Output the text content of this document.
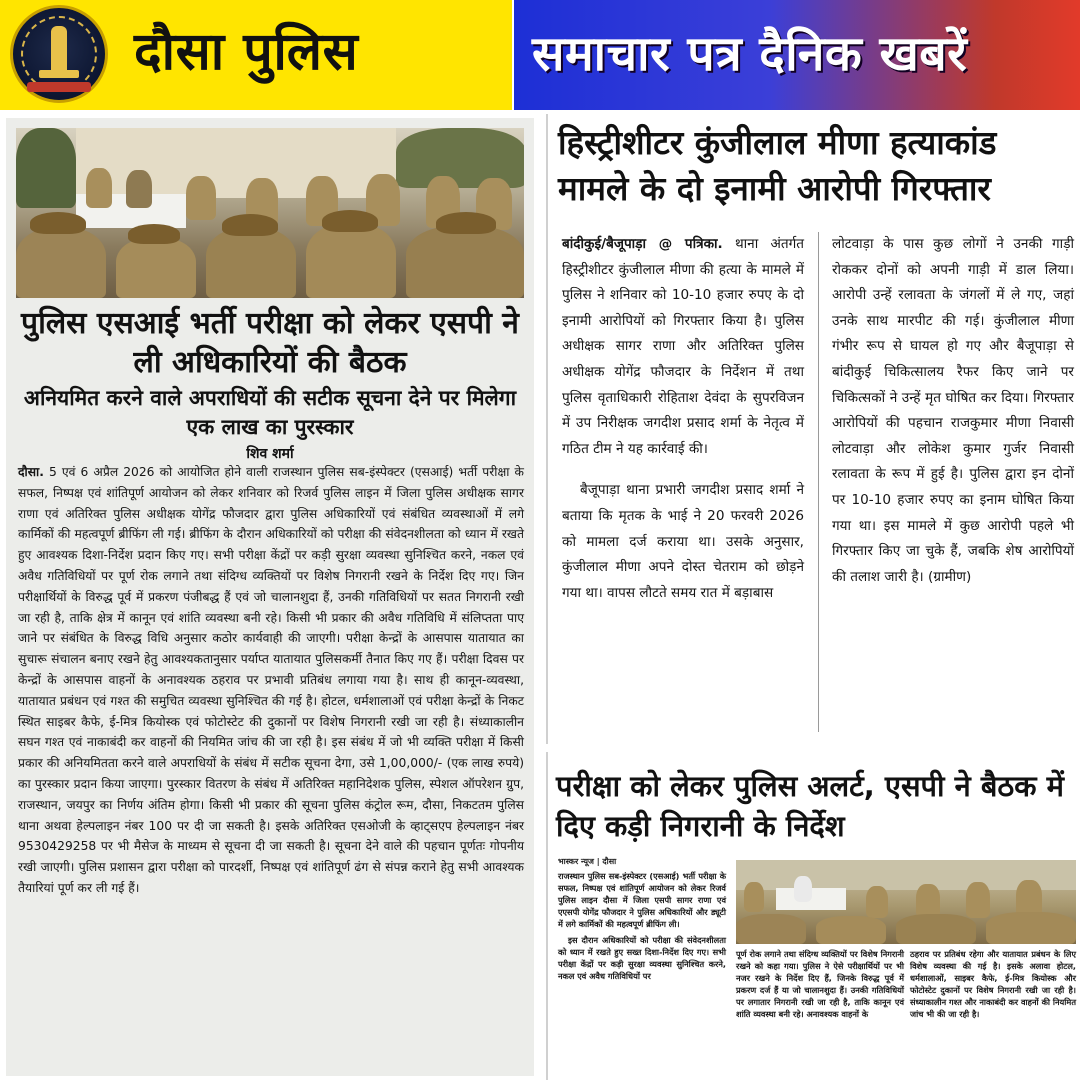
दौसा पुलिस	समाचार पत्र दैनिक खबरें
पुलिस एसआई भर्ती परीक्षा को लेकर एसपी ने ली अधिकारियों की बैठक
अनियमित करने वाले अपराधियों की सटीक सूचना देने पर मिलेगा एक लाख का पुरस्कार
शिव शर्मा
दौसा. 5 एवं 6 अप्रैल 2026 को आयोजित होने वाली राजस्थान पुलिस सब-इंस्पेक्टर (एसआई) भर्ती परीक्षा के सफल, निष्पक्ष एवं शांतिपूर्ण आयोजन को लेकर शनिवार को रिजर्व पुलिस लाइन में जिला पुलिस अधीक्षक सागर राणा एवं अतिरिक्त पुलिस अधीक्षक योगेंद्र फौजदार द्वारा पुलिस अधिकारियों एवं संबंधित व्यवस्थाओं में लगे कार्मिकों की महत्वपूर्ण ब्रीफिंग ली गई। ब्रीफिंग के दौरान अधिकारियों को परीक्षा की संवेदनशीलता को ध्यान में रखते हुए आवश्यक दिशा-निर्देश प्रदान किए गए। सभी परीक्षा केंद्रों पर कड़ी सुरक्षा व्यवस्था सुनिश्चित करने, नकल एवं अवैध गतिविधियों पर पूर्ण रोक लगाने तथा संदिग्ध व्यक्तियों पर विशेष निगरानी रखने के निर्देश दिए गए। जिन परीक्षार्थियों के विरुद्ध पूर्व में प्रकरण पंजीबद्ध हैं एवं जो चालानशुदा हैं, उनकी गतिविधियों पर सतत निगरानी रखी जा रही है, ताकि क्षेत्र में कानून एवं शांति व्यवस्था बनी रहे। किसी भी प्रकार की अवैध गतिविधि में संलिप्तता पाए जाने पर संबंधित के विरुद्ध विधि अनुसार कठोर कार्यवाही की जाएगी। परीक्षा केन्द्रों के आसपास यातायात का सुचारू संचालन बनाए रखने हेतु आवश्यकतानुसार पर्याप्त यातायात पुलिसकर्मी तैनात किए गए हैं। परीक्षा दिवस पर केन्द्रों के आसपास वाहनों के अनावश्यक ठहराव पर प्रभावी प्रतिबंध लगाया गया है। साथ ही कानून-व्यवस्था, यातायात प्रबंधन एवं गश्त की समुचित व्यवस्था सुनिश्चित की गई है। होटल, धर्मशालाओं एवं परीक्षा केन्द्रों के निकट स्थित साइबर कैफे, ई-मित्र कियोस्क एवं फोटोस्टेट की दुकानों पर विशेष निगरानी रखी जा रही है। संध्याकालीन सघन गश्त एवं नाकाबंदी कर वाहनों की नियमित जांच की जा रही है। इस संबंध में जो भी व्यक्ति परीक्षा में किसी प्रकार की अनियमितता करने वाले अपराधियों के संबंध में सटीक सूचना देगा, उसे 1,00,000/- (एक लाख रुपये) का पुरस्कार प्रदान किया जाएगा। पुरस्कार वितरण के संबंध में अतिरिक्त महानिदेशक पुलिस, स्पेशल ऑपरेशन ग्रुप, राजस्थान, जयपुर का निर्णय अंतिम होगा। किसी भी प्रकार की सूचना पुलिस कंट्रोल रूम, दौसा, निकटतम पुलिस थाना अथवा हेल्पलाइन नंबर 100 पर दी जा सकती है। इसके अतिरिक्त एसओजी के व्हाट्सएप हेल्पलाइन नंबर 9530429258 पर भी मैसेज के माध्यम से सूचना दी जा सकती है। सूचना देने वाले की पहचान पूर्णतः गोपनीय रखी जाएगी। पुलिस प्रशासन द्वारा परीक्षा को पारदर्शी, निष्पक्ष एवं शांतिपूर्ण ढंग से संपन्न कराने हेतु सभी आवश्यक तैयारियां पूर्ण कर ली गई हैं।
हिस्ट्रीशीटर कुंजीलाल मीणा हत्याकांड मामले के दो इनामी आरोपी गिरफ्तार

बांदीकुई/बैजूपाड़ा @ पत्रिका. थाना अंतर्गत हिस्ट्रीशीटर कुंजीलाल मीणा की हत्या के मामले में पुलिस ने शनिवार को 10-10 हजार रुपए के दो इनामी आरोपियों को गिरफ्तार किया है। पुलिस अधीक्षक सागर राणा और अतिरिक्त पुलिस अधीक्षक योगेंद्र फौजदार के निर्देशन में तथा पुलिस वृताधिकारी रोहिताश देवंदा के सुपरविजन में उप निरीक्षक जगदीश प्रसाद शर्मा के नेतृत्व में गठित टीम ने यह कार्रवाई की।

बैजूपाड़ा थाना प्रभारी जगदीश प्रसाद शर्मा ने बताया कि मृतक के भाई ने 20 फरवरी 2026 को मामला दर्ज कराया था। उसके अनुसार, कुंजीलाल मीणा अपने दोस्त चेतराम को छोड़ने गया था। वापस लौटते समय रात में बड़ाबास

लोटवाड़ा के पास कुछ लोगों ने उनकी गाड़ी रोककर दोनों को अपनी गाड़ी में डाल लिया। आरोपी उन्हें रलावता के जंगलों में ले गए, जहां उनके साथ मारपीट की गई। कुंजीलाल मीणा गंभीर रूप से घायल हो गए और बैजूपाड़ा से बांदीकुई चिकित्सालय रैफर किए जाने पर चिकित्सकों ने उन्हें मृत घोषित कर दिया। गिरफ्तार आरोपियों की पहचान राजकुमार मीणा निवासी लोटवाड़ा और लोकेश कुमार गुर्जर निवासी रलावता के रूप में हुई है। पुलिस द्वारा इन दोनों पर 10-10 हजार रुपए का इनाम घोषित किया गया था। इस मामले में कुछ आरोपी पहले भी गिरफ्तार किए जा चुके हैं, जबकि शेष आरोपियों की तलाश जारी है। (ग्रामीण)

परीक्षा को लेकर पुलिस अलर्ट, एसपी ने बैठक में दिए कड़ी निगरानी के निर्देश
भास्कर न्यूज | दौसा
राजस्थान पुलिस सब-इंस्पेक्टर (एसआई) भर्ती परीक्षा के सफल, निष्पक्ष एवं शांतिपूर्ण आयोजन को लेकर रिजर्व पुलिस लाइन दौसा में जिला एसपी सागर राणा एवं एएसपी योगेंद्र फौजदार ने पुलिस अधिकारियों और ड्यूटी में लगे कार्मिकों की महत्वपूर्ण ब्रीफिंग ली।
इस दौरान अधिकारियों को परीक्षा की संवेदनशीलता को ध्यान में रखते हुए सख्त दिशा-निर्देश दिए गए। सभी परीक्षा केंद्रों पर कड़ी सुरक्षा व्यवस्था सुनिश्चित करने, नकल एवं अवैध गतिविधियों पर
पूर्ण रोक लगाने तथा संदिग्ध व्यक्तियों पर विशेष निगरानी रखने को कहा गया। पुलिस ने ऐसे परीक्षार्थियों पर भी नजर रखने के निर्देश दिए हैं, जिनके विरुद्ध पूर्व में प्रकरण दर्ज हैं या जो चालानशुदा हैं। उनकी गतिविधियों पर लगातार निगरानी रखी जा रही है, ताकि कानून एवं शांति व्यवस्था बनी रहे। अनावश्यक वाहनों के
ठहराव पर प्रतिबंध रहेगा और यातायात प्रबंधन के लिए विशेष व्यवस्था की गई है। इसके अलावा होटल, धर्मशालाओं, साइबर कैफे, ई-मित्र कियोस्क और फोटोस्टेट दुकानों पर विशेष निगरानी रखी जा रही है। संध्याकालीन गश्त और नाकाबंदी कर वाहनों की नियमित जांच भी की जा रही है।
